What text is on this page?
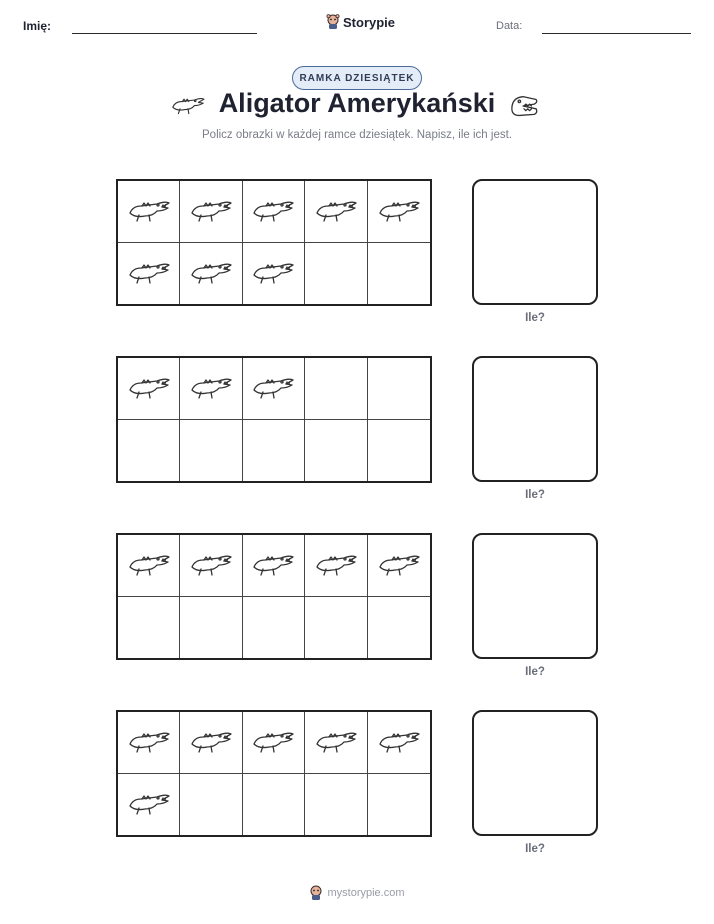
Imię:	Storypie	Data:
RAMKA DZIESIĄTEK
Aligator Amerykański
Policz obrazki w każdej ramce dziesiątek. Napisz, ile ich jest.
Ile?
Ile?
Ile?
Ile?
mystorypie.com
